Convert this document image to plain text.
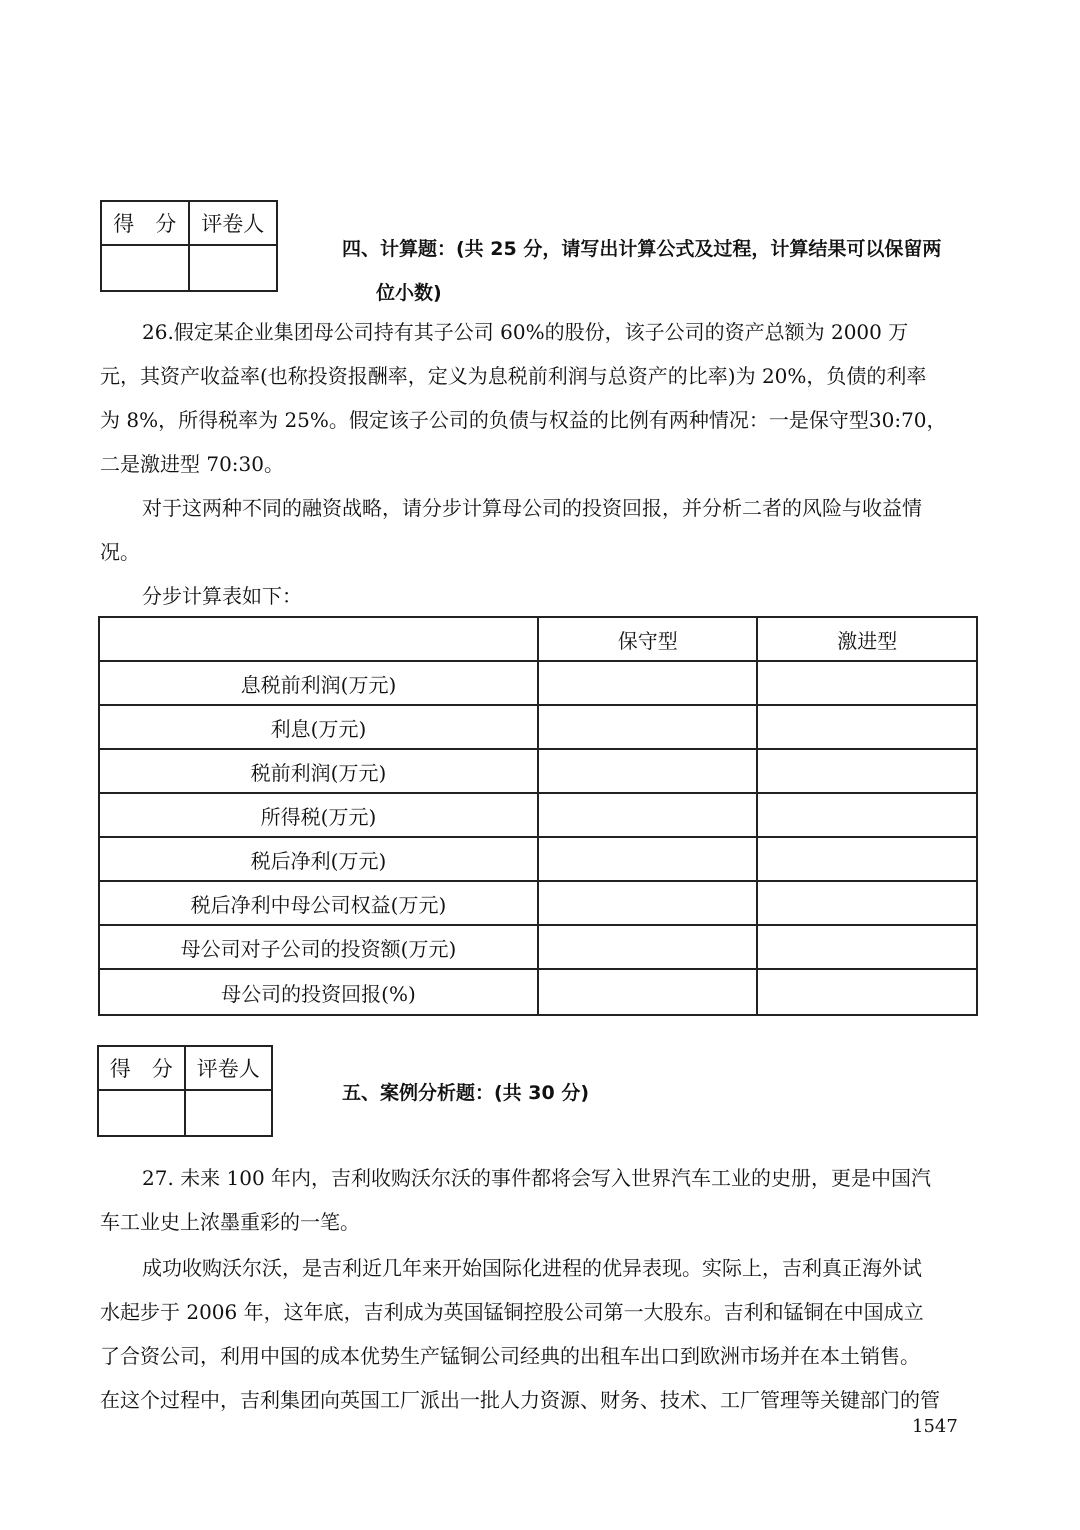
得　分	评卷人

四、计算题：(共 25 分，请写出计算公式及过程，计算结果可以保留两
位小数)
26.假定某企业集团母公司持有其子公司 60%的股份，该子公司的资产总额为 2000 万
元，其资产收益率(也称投资报酬率，定义为息税前利润与总资产的比率)为 20%，负债的利率
为 8%，所得税率为 25%。假定该子公司的负债与权益的比例有两种情况：一是保守型30:70，
二是激进型 70:30。
对于这两种不同的融资战略，请分步计算母公司的投资回报，并分析二者的风险与收益情
况。
分步计算表如下：
	保守型	激进型
息税前利润(万元)		
利息(万元)		
税前利润(万元)		
所得税(万元)		
税后净利(万元)		
税后净利中母公司权益(万元)		
母公司对子公司的投资额(万元)		
母公司的投资回报(%)		
得　分	评卷人

五、案例分析题：(共 30 分)
27. 未来 100 年内，吉利收购沃尔沃的事件都将会写入世界汽车工业的史册，更是中国汽
车工业史上浓墨重彩的一笔。
成功收购沃尔沃，是吉利近几年来开始国际化进程的优异表现。实际上，吉利真正海外试
水起步于 2006 年，这年底，吉利成为英国锰铜控股公司第一大股东。吉利和锰铜在中国成立
了合资公司，利用中国的成本优势生产锰铜公司经典的出租车出口到欧洲市场并在本土销售。
在这个过程中，吉利集团向英国工厂派出一批人力资源、财务、技术、工厂管理等关键部门的管
1547
